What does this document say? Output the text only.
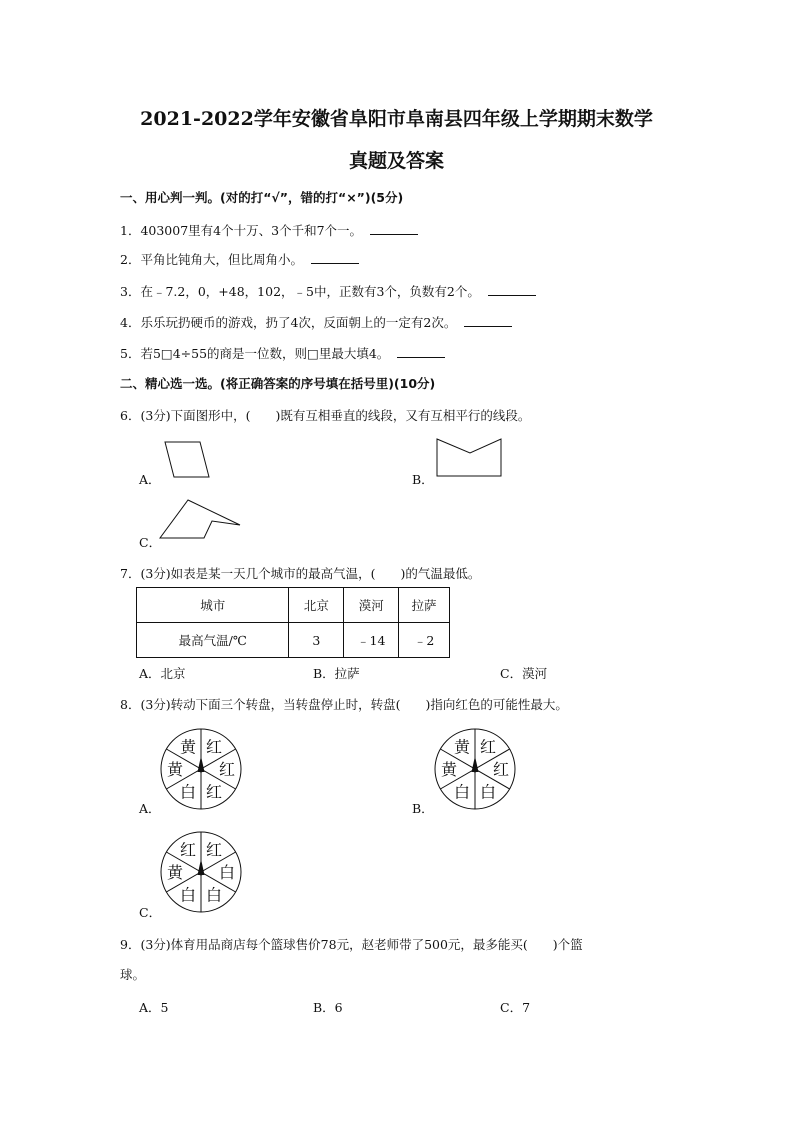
2021-2022学年安徽省阜阳市阜南县四年级上学期期末数学
真题及答案
一、用心判一判。(对的打“√”，错的打“×”)(5分)
1．403007里有4个十万、3个千和7个一。
2．平角比钝角大，但比周角小。
3．在﹣7.2，0，+48，102，﹣5中，正数有3个，负数有2个。
4．乐乐玩扔硬币的游戏，扔了4次，反面朝上的一定有2次。
5．若5□4÷55的商是一位数，则□里最大填4。
二、精心选一选。(将正确答案的序号填在括号里)(10分)
6．(3分)下面图形中，(　　)既有互相垂直的线段，又有互相平行的线段。
A．	B．
C．
7．(3分)如表是某一天几个城市的最高气温，(　　)的气温最低。
城市	北京	漠河	拉萨
最高气温/℃	3	﹣14	﹣2
A．北京	B．拉萨	C．漠河
8．(3分)转动下面三个转盘，当转盘停止时，转盘(　　)指向红色的可能性最大。
A．
红
红
红
白
黄
黄
B．
红
红
白
白
黄
黄
C．
红
白
白
白
黄
红
9．(3分)体育用品商店每个篮球售价78元，赵老师带了500元，最多能买(　　)个篮
球。
A．5	B．6	C．7
